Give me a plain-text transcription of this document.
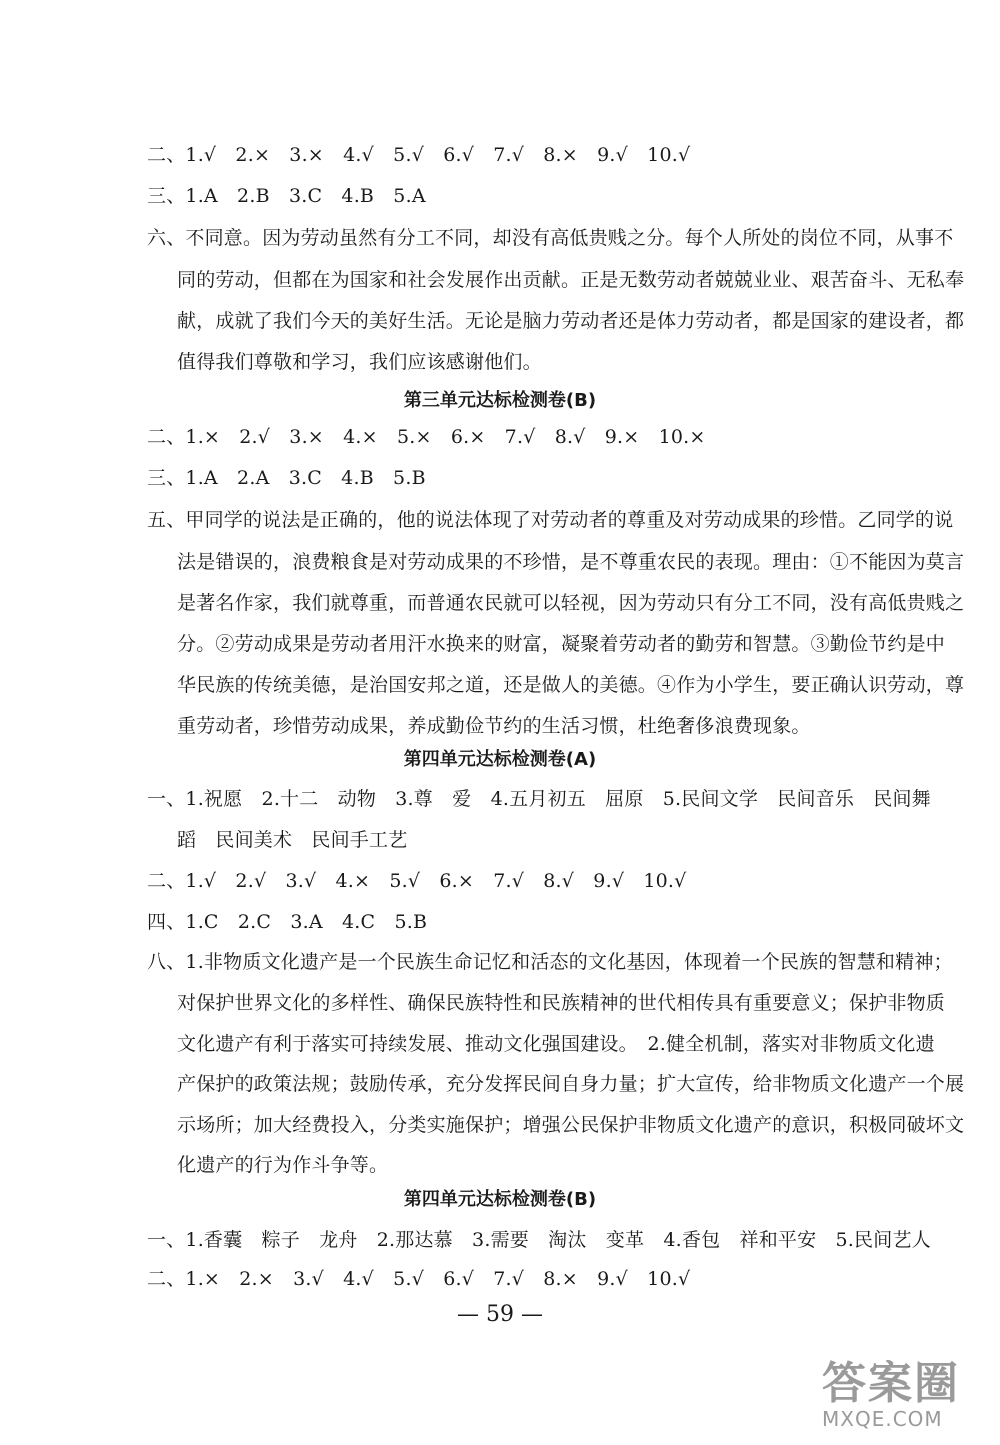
二、1.√　2.×　3.×　4.√　5.√　6.√　7.√　8.×　9.√　10.√
三、1.A　2.B　3.C　4.B　5.A
六、不同意。因为劳动虽然有分工不同，却没有高低贵贱之分。每个人所处的岗位不同，从事不
同的劳动，但都在为国家和社会发展作出贡献。正是无数劳动者兢兢业业、艰苦奋斗、无私奉
献，成就了我们今天的美好生活。无论是脑力劳动者还是体力劳动者，都是国家的建设者，都
值得我们尊敬和学习，我们应该感谢他们。
第三单元达标检测卷(B)
二、1.×　2.√　3.×　4.×　5.×　6.×　7.√　8.√　9.×　10.×
三、1.A　2.A　3.C　4.B　5.B
五、甲同学的说法是正确的，他的说法体现了对劳动者的尊重及对劳动成果的珍惜。乙同学的说
法是错误的，浪费粮食是对劳动成果的不珍惜，是不尊重农民的表现。理由：①不能因为莫言
是著名作家，我们就尊重，而普通农民就可以轻视，因为劳动只有分工不同，没有高低贵贱之
分。②劳动成果是劳动者用汗水换来的财富，凝聚着劳动者的勤劳和智慧。③勤俭节约是中
华民族的传统美德，是治国安邦之道，还是做人的美德。④作为小学生，要正确认识劳动，尊
重劳动者，珍惜劳动成果，养成勤俭节约的生活习惯，杜绝奢侈浪费现象。
第四单元达标检测卷(A)
一、1.祝愿　2.十二　动物　3.尊　爱　4.五月初五　屈原　5.民间文学　民间音乐　民间舞
蹈　民间美术　民间手工艺
二、1.√　2.√　3.√　4.×　5.√　6.×　7.√　8.√　9.√　10.√
四、1.C　2.C　3.A　4.C　5.B
八、1.非物质文化遗产是一个民族生命记忆和活态的文化基因，体现着一个民族的智慧和精神；
对保护世界文化的多样性、确保民族特性和民族精神的世代相传具有重要意义；保护非物质
文化遗产有利于落实可持续发展、推动文化强国建设。　2.健全机制，落实对非物质文化遗
产保护的政策法规；鼓励传承，充分发挥民间自身力量；扩大宣传，给非物质文化遗产一个展
示场所；加大经费投入，分类实施保护；增强公民保护非物质文化遗产的意识，积极同破坏文
化遗产的行为作斗争等。
第四单元达标检测卷(B)
一、1.香囊　粽子　龙舟　2.那达慕　3.需要　淘汰　变革　4.香包　祥和平安　5.民间艺人
二、1.×　2.×　3.√　4.√　5.√　6.√　7.√　8.×　9.√　10.√
— 59 —
答案圈
MXQE.COM
